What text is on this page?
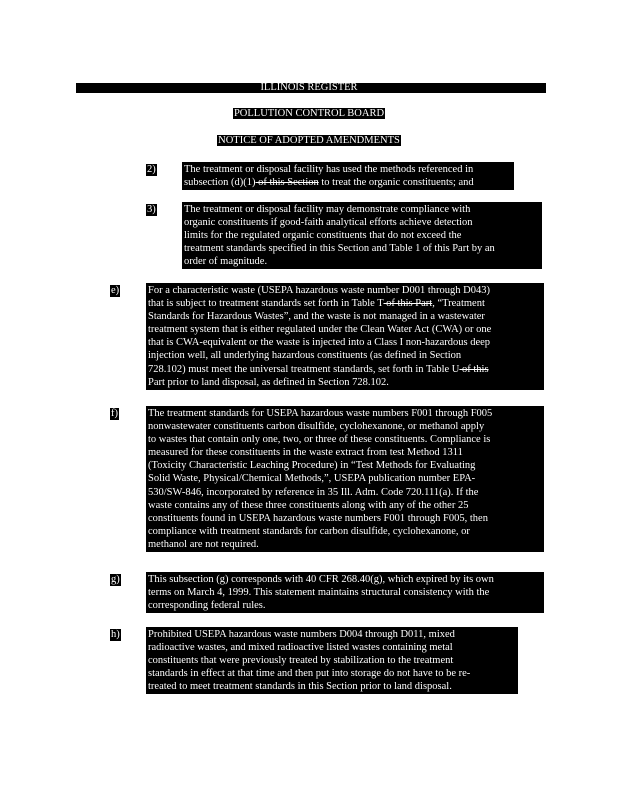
ILLINOIS REGISTER
POLLUTION CONTROL BOARD
NOTICE OF ADOPTED AMENDMENTS
2)	The treatment or disposal facility has used the methods referenced in
subsection (d)(1) of this Section to treat the organic constituents; and
3)	The treatment or disposal facility may demonstrate compliance with
organic constituents if good-faith analytical efforts achieve detection
limits for the regulated organic constituents that do not exceed the
treatment standards specified in this Section and Table 1 of this Part by an
order of magnitude.
e)	For a characteristic waste (USEPA hazardous waste number D001 through D043)
that is subject to treatment standards set forth in Table T of this Part, “Treatment
Standards for Hazardous Wastes”, and the waste is not managed in a wastewater
treatment system that is either regulated under the Clean Water Act (CWA) or one
that is CWA-equivalent or the waste is injected into a Class I non-hazardous deep
injection well, all underlying hazardous constituents (as defined in Section
728.102) must meet the universal treatment standards, set forth in Table U of this
Part prior to land disposal, as defined in Section 728.102.
f)	The treatment standards for USEPA hazardous waste numbers F001 through F005
nonwastewater constituents carbon disulfide, cyclohexanone, or methanol apply
to wastes that contain only one, two, or three of these constituents. Compliance is
measured for these constituents in the waste extract from test Method 1311
(Toxicity Characteristic Leaching Procedure) in “Test Methods for Evaluating
Solid Waste, Physical/Chemical Methods,”, USEPA publication number EPA-
530/SW-846, incorporated by reference in 35 Ill. Adm. Code 720.111(a). If the
waste contains any of these three constituents along with any of the other 25
constituents found in USEPA hazardous waste numbers F001 through F005, then
compliance with treatment standards for carbon disulfide, cyclohexanone, or
methanol are not required.
g)	This subsection (g) corresponds with 40 CFR 268.40(g), which expired by its own
terms on March 4, 1999. This statement maintains structural consistency with the
corresponding federal rules.
h)	Prohibited USEPA hazardous waste numbers D004 through D011, mixed
radioactive wastes, and mixed radioactive listed wastes containing metal
constituents that were previously treated by stabilization to the treatment
standards in effect at that time and then put into storage do not have to be re-
treated to meet treatment standards in this Section prior to land disposal.
